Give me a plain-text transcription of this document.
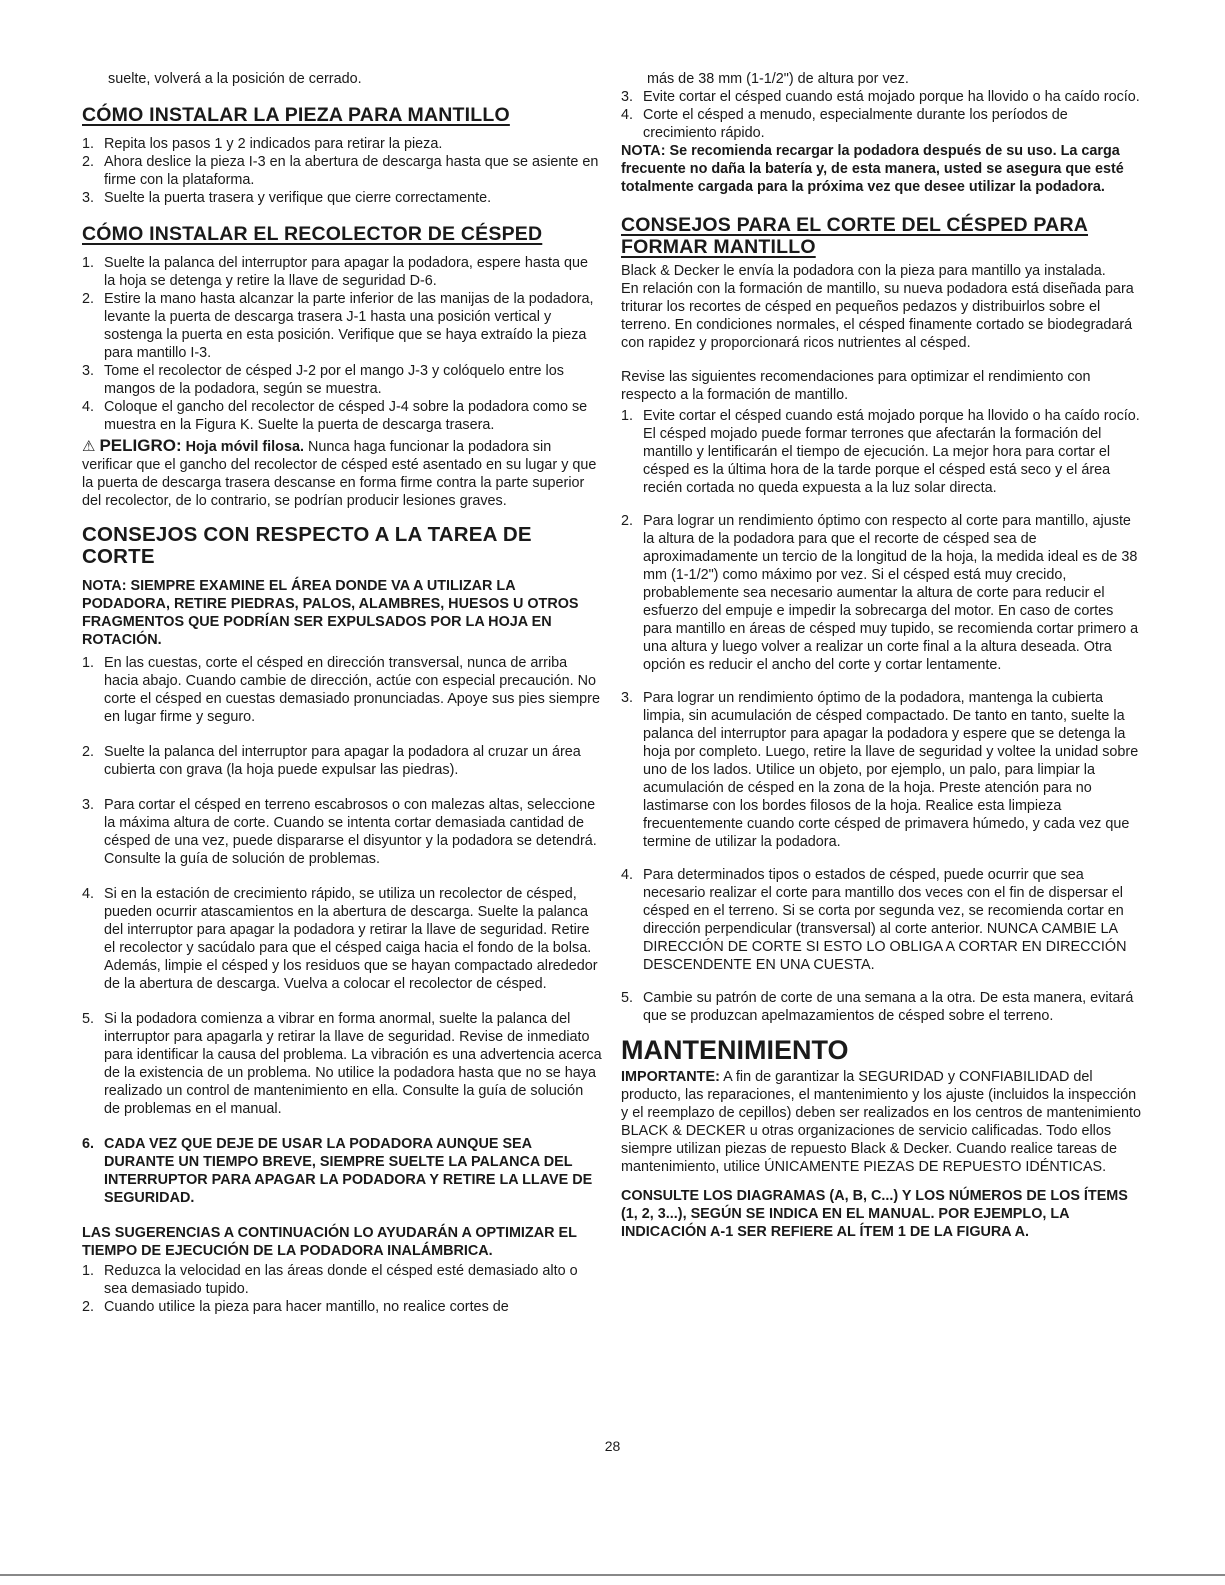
suelte, volverá a la posición de cerrado.

CÓMO INSTALAR LA PIEZA PARA MANTILLO
1. Repita los pasos 1 y 2 indicados para retirar la pieza.
2. Ahora deslice la pieza I-3 en la abertura de descarga hasta que se asiente en firme con la plataforma.
3. Suelte la puerta trasera y verifique que cierre correctamente.
CÓMO INSTALAR EL RECOLECTOR DE CÉSPED
1. Suelte la palanca del interruptor para apagar la podadora, espere hasta que la hoja se detenga y retire la llave de seguridad D-6.
2. Estire la mano hasta alcanzar la parte inferior de las manijas de la podadora, levante la puerta de descarga trasera J-1 hasta una posición vertical y sostenga la puerta en esta posición. Verifique que se haya extraído la pieza para mantillo I-3.
3. Tome el recolector de césped J-2 por el mango J-3 y colóquelo entre los mangos de la podadora, según se muestra.
4. Coloque el gancho del recolector de césped J-4 sobre la podadora como se muestra en la Figura K. Suelte la puerta de descarga trasera.

⚠ PELIGRO: Hoja móvil filosa. Nunca haga funcionar la podadora sin verificar que el gancho del recolector de césped esté asentado en su lugar y que la puerta de descarga trasera descanse en forma firme contra la parte superior del recolector, de lo contrario, se podrían producir lesiones graves.

CONSEJOS CON RESPECTO A LA TAREA DE CORTE

NOTA: SIEMPRE EXAMINE EL ÁREA DONDE VA A UTILIZAR LA PODADORA, RETIRE PIEDRAS, PALOS, ALAMBRES, HUESOS U OTROS FRAGMENTOS QUE PODRÍAN SER EXPULSADOS POR LA HOJA EN ROTACIÓN.

1. En las cuestas, corte el césped en dirección transversal, nunca de arriba hacia abajo. Cuando cambie de dirección, actúe con especial precaución. No corte el césped en cuestas demasiado pronunciadas. Apoye sus pies siempre en lugar firme y seguro.
2. Suelte la palanca del interruptor para apagar la podadora al cruzar un área cubierta con grava (la hoja puede expulsar las piedras).
3. Para cortar el césped en terreno escabrosos o con malezas altas, seleccione la máxima altura de corte. Cuando se intenta cortar demasiada cantidad de césped de una vez, puede dispararse el disyuntor y la podadora se detendrá. Consulte la guía de solución de problemas.
4. Si en la estación de crecimiento rápido, se utiliza un recolector de césped, pueden ocurrir atascamientos en la abertura de descarga. Suelte la palanca del interruptor para apagar la podadora y retirar la llave de seguridad. Retire el recolector y sacúdalo para que el césped caiga hacia el fondo de la bolsa. Además, limpie el césped y los residuos que se hayan compactado alrededor de la abertura de descarga. Vuelva a colocar el recolector de césped.
5. Si la podadora comienza a vibrar en forma anormal, suelte la palanca del interruptor para apagarla y retirar la llave de seguridad. Revise de inmediato para identificar la causa del problema. La vibración es una advertencia acerca de la existencia de un problema. No utilice la podadora hasta que no se haya realizado un control de mantenimiento en ella. Consulte la guía de solución de problemas en el manual.
6. CADA VEZ QUE DEJE DE USAR LA PODADORA AUNQUE SEA DURANTE UN TIEMPO BREVE, SIEMPRE SUELTE LA PALANCA DEL INTERRUPTOR PARA APAGAR LA PODADORA Y RETIRE LA LLAVE DE SEGURIDAD.

LAS SUGERENCIAS A CONTINUACIÓN LO AYUDARÁN A OPTIMIZAR EL TIEMPO DE EJECUCIÓN DE LA PODADORA INALÁMBRICA.

1. Reduzca la velocidad en las áreas donde el césped esté demasiado alto o sea demasiado tupido.
2. Cuando utilice la pieza para hacer mantillo, no realice cortes de

más de 38 mm (1-1/2") de altura por vez.

3. Evite cortar el césped cuando está mojado porque ha llovido o ha caído rocío.
4. Corte el césped a menudo, especialmente durante los períodos de crecimiento rápido.

NOTA: Se recomienda recargar la podadora después de su uso. La carga frecuente no daña la batería y, de esta manera, usted se asegura que esté totalmente cargada para la próxima vez que desee utilizar la podadora.

CONSEJOS PARA EL CORTE DEL CÉSPED PARA FORMAR MANTILLO

Black & Decker le envía la podadora con la pieza para mantillo ya instalada.

En relación con la formación de mantillo, su nueva podadora está diseñada para triturar los recortes de césped en pequeños pedazos y distribuirlos sobre el terreno. En condiciones normales, el césped finamente cortado se biodegradará con rapidez y proporcionará ricos nutrientes al césped.

Revise las siguientes recomendaciones para optimizar el rendimiento con respecto a la formación de mantillo.

1. Evite cortar el césped cuando está mojado porque ha llovido o ha caído rocío. El césped mojado puede formar terrones que afectarán la formación del mantillo y lentificarán el tiempo de ejecución. La mejor hora para cortar el césped es la última hora de la tarde porque el césped está seco y el área recién cortada no queda expuesta a la luz solar directa.
2. Para lograr un rendimiento óptimo con respecto al corte para mantillo, ajuste la altura de la podadora para que el recorte de césped sea de aproximadamente un tercio de la longitud de la hoja, la medida ideal es de 38 mm (1-1/2") como máximo por vez. Si el césped está muy crecido, probablemente sea necesario aumentar la altura de corte para reducir el esfuerzo del empuje e impedir la sobrecarga del motor. En caso de cortes para mantillo en áreas de césped muy tupido, se recomienda cortar primero a una altura y luego volver a realizar un corte final a la altura deseada. Otra opción es reducir el ancho del corte y cortar lentamente.
3. Para lograr un rendimiento óptimo de la podadora, mantenga la cubierta limpia, sin acumulación de césped compactado. De tanto en tanto, suelte la palanca del interruptor para apagar la podadora y espere que se detenga la hoja por completo. Luego, retire la llave de seguridad y voltee la unidad sobre uno de los lados. Utilice un objeto, por ejemplo, un palo, para limpiar la acumulación de césped en la zona de la hoja. Preste atención para no lastimarse con los bordes filosos de la hoja. Realice esta limpieza frecuentemente cuando corte césped de primavera húmedo, y cada vez que termine de utilizar la podadora.
4. Para determinados tipos o estados de césped, puede ocurrir que sea necesario realizar el corte para mantillo dos veces con el fin de dispersar el césped en el terreno. Si se corta por segunda vez, se recomienda cortar en dirección perpendicular (transversal) al corte anterior. NUNCA CAMBIE LA DIRECCIÓN DE CORTE SI ESTO LO OBLIGA A CORTAR EN DIRECCIÓN DESCENDENTE EN UNA CUESTA.
5. Cambie su patrón de corte de una semana a la otra. De esta manera, evitará que se produzcan apelmazamientos de césped sobre el terreno.
MANTENIMIENTO

IMPORTANTE: A fin de garantizar la SEGURIDAD y CONFIABILIDAD del producto, las reparaciones, el mantenimiento y los ajuste (incluidos la inspección y el reemplazo de cepillos) deben ser realizados en los centros de mantenimiento BLACK & DECKER u otras organizaciones de servicio calificadas. Todo ellos siempre utilizan piezas de repuesto Black & Decker. Cuando realice tareas de mantenimiento, utilice ÚNICAMENTE PIEZAS DE REPUESTO IDÉNTICAS.

CONSULTE LOS DIAGRAMAS (A, B, C...) Y LOS NÚMEROS DE LOS ÍTEMS (1, 2, 3...), SEGÚN SE INDICA EN EL MANUAL. POR EJEMPLO, LA INDICACIÓN A-1 SER REFIERE AL ÍTEM 1 DE LA FIGURA A.

28
